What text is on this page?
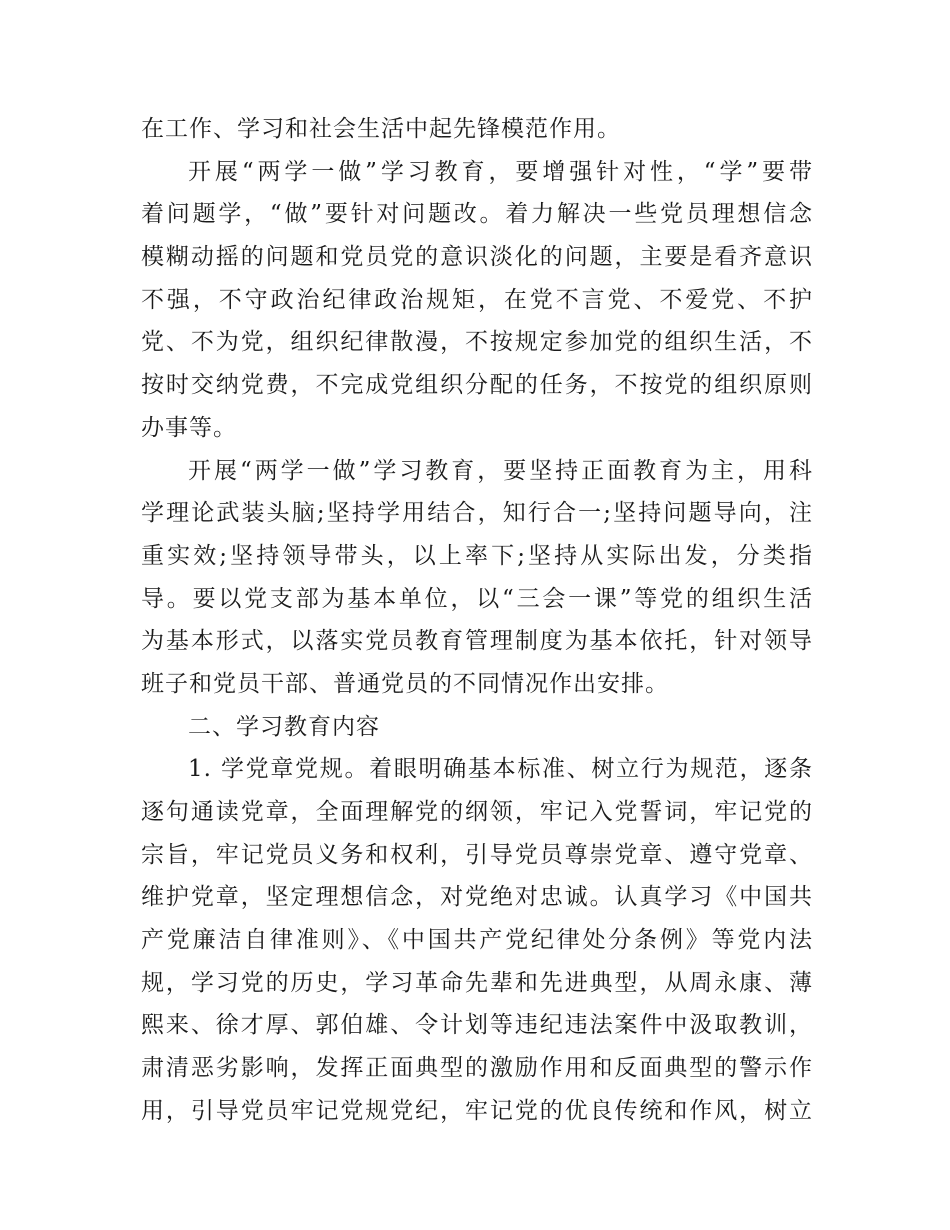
在工作、学习和社会生活中起先锋模范作用。
开展“两学一做”学习教育，要增强针对性，“学”要带
着问题学，“做”要针对问题改。着力解决一些党员理想信念
模糊动摇的问题和党员党的意识淡化的问题，主要是看齐意识
不强，不守政治纪律政治规矩，在党不言党、不爱党、不护
党、不为党，组织纪律散漫，不按规定参加党的组织生活，不
按时交纳党费，不完成党组织分配的任务，不按党的组织原则
办事等。
开展“两学一做”学习教育，要坚持正面教育为主，用科
学理论武装头脑;坚持学用结合，知行合一;坚持问题导向，注
重实效;坚持领导带头，以上率下;坚持从实际出发，分类指
导。要以党支部为基本单位，以“三会一课”等党的组织生活
为基本形式，以落实党员教育管理制度为基本依托，针对领导
班子和党员干部、普通党员的不同情况作出安排。
二、学习教育内容
1. 学党章党规。着眼明确基本标准、树立行为规范，逐条
逐句通读党章，全面理解党的纲领，牢记入党誓词，牢记党的
宗旨，牢记党员义务和权利，引导党员尊崇党章、遵守党章、
维护党章，坚定理想信念，对党绝对忠诚。认真学习《中国共
产党廉洁自律准则》、《中国共产党纪律处分条例》等党内法
规，学习党的历史，学习革命先辈和先进典型，从周永康、薄
熙来、徐才厚、郭伯雄、令计划等违纪违法案件中汲取教训，
肃清恶劣影响，发挥正面典型的激励作用和反面典型的警示作
用，引导党员牢记党规党纪，牢记党的优良传统和作风，树立
